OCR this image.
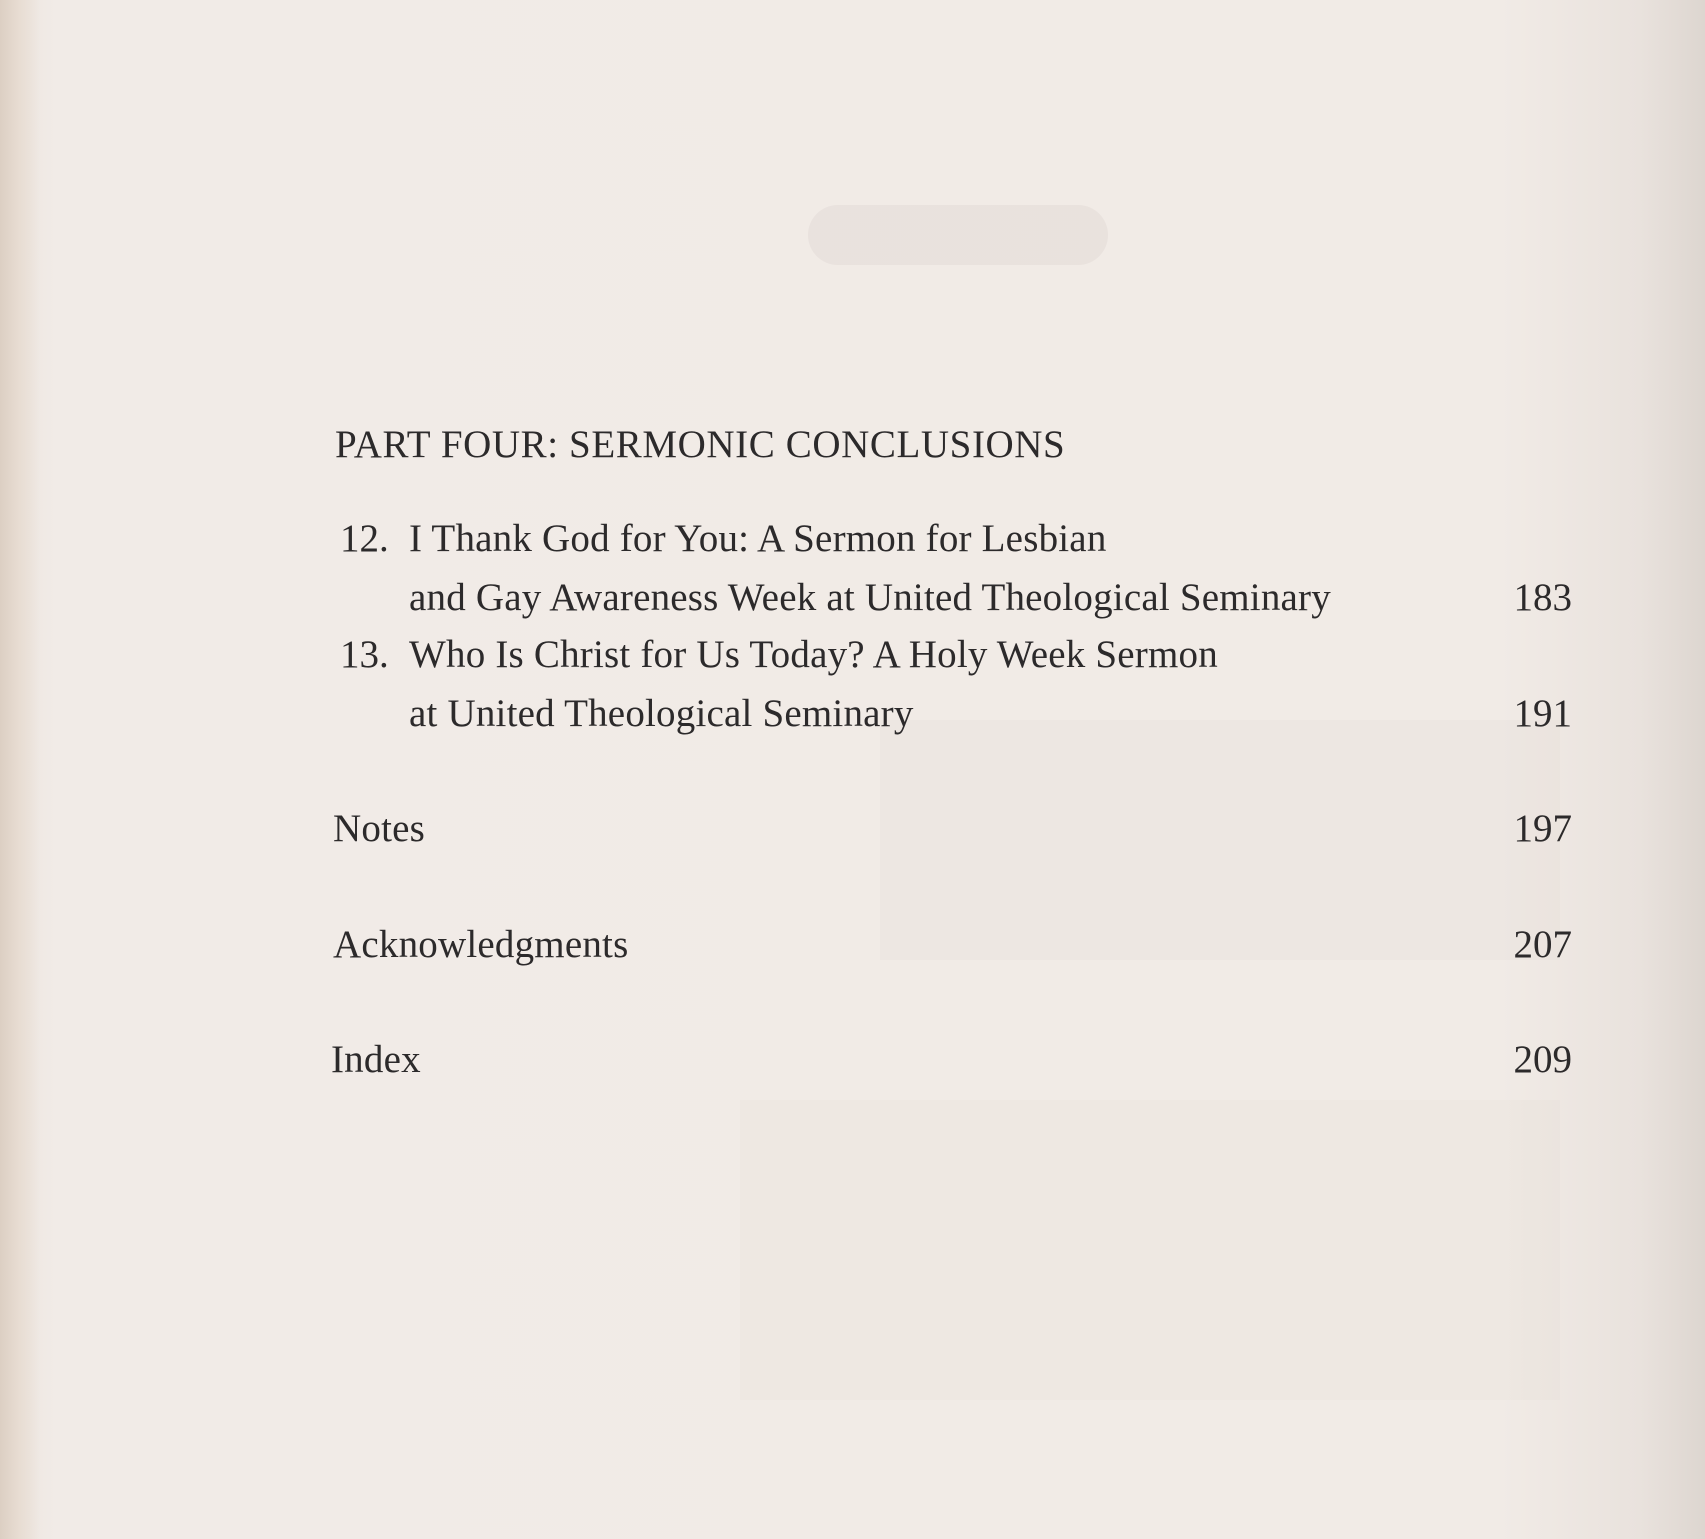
PART FOUR: SERMONIC CONCLUSIONS
12. I Thank God for You: A Sermon for Lesbian
and Gay Awareness Week at United Theological Seminary	183
13. Who Is Christ for Us Today? A Holy Week Sermon
at United Theological Seminary	191
Notes	197
Acknowledgments	207
Index	209
